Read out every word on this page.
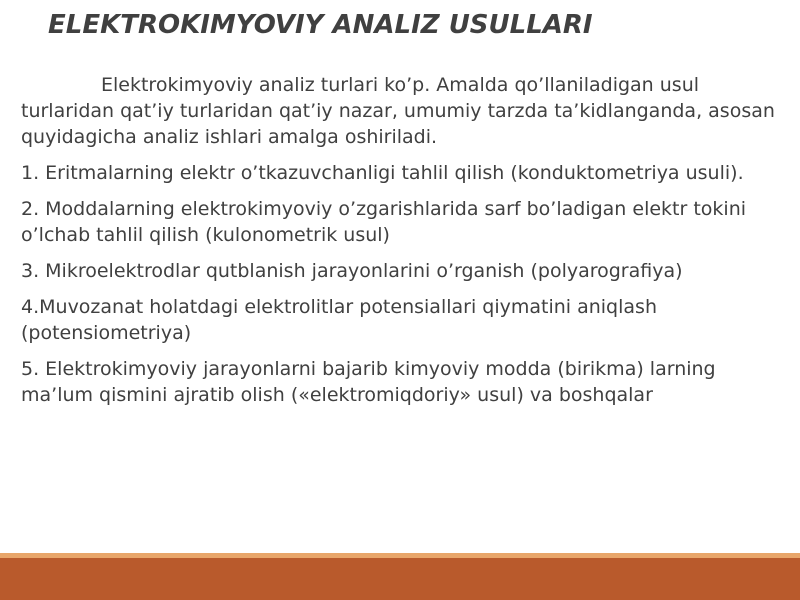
ELEKTROKIMYOVIY ANALIZ USULLARI

Elektrokimyoviy analiz turlari ko’p. Amalda qo’llaniladigan usul turlaridan qat’iy turlaridan qat’iy nazar, umumiy tarzda ta’kidlanganda, asosan quyidagicha analiz ishlari amalga oshiriladi.

1. Eritmalarning elektr o’tkazuvchanligi tahlil qilish (konduktometriya usuli).

2. Moddalarning elektrokimyoviy o’zgarishlarida sarf bo’ladigan elektr tokini o’lchab tahlil qilish (kulonometrik usul)

3. Mikroelektrodlar qutblanish jarayonlarini o’rganish (polyarografiya)

4.Muvozanat holatdagi elektrolitlar potensiallari qiymatini aniqlash (potensiometriya)

5. Elektrokimyoviy jarayonlarni bajarib kimyoviy modda (birikma) larning ma’lum qismini ajratib olish («elektromiqdoriy» usul) va boshqalar
